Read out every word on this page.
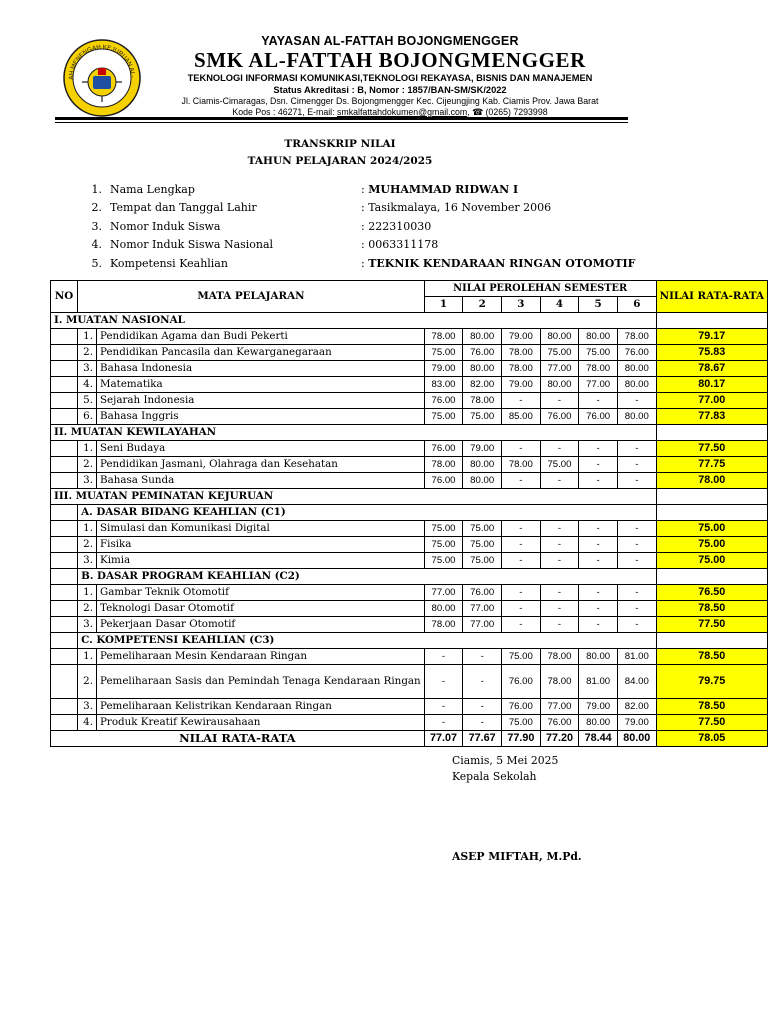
AH MENENGAH KEJURUAN AL-
YAYASAN AL-FATTAH BOJONGMENGGER
SMK AL-FATTAH BOJONGMENGGER
TEKNOLOGI INFORMASI KOMUNIKASI,TEKNOLOGI REKAYASA, BISNIS DAN MANAJEMEN
Status Akreditasi : B, Nomor : 1857/BAN-SM/SK/2022
Jl. Ciamis-Cimaragas, Dsn. Cimengger Ds. Bojongmengger Kec. Cijeungjing Kab. Ciamis Prov. Jawa Barat
Kode Pos : 46271, E-mail: smkalfattahdokumen@gmail.com, ☎ (0265) 7293998
TRANSKRIP NILAI
TAHUN PELAJARAN 2024/2025
1. Nama Lengkap	: MUHAMMAD RIDWAN I
2. Tempat dan Tanggal Lahir	: Tasikmalaya, 16 November 2006
3. Nomor Induk Siswa	: 222310030
4. Nomor Induk Siswa Nasional	: 0063311178
5. Kompetensi Keahlian	: TEKNIK KENDARAAN RINGAN OTOMOTIF
NO	MATA PELAJARAN		NILAI PEROLEHAN SEMESTER						NILAI RATA-RATA
			1	2	3	4	5	6	
I. MUATAN NASIONAL									
	1.	Pendidikan Agama dan Budi Pekerti	78.00	80.00	79.00	80.00	80.00	78.00	79.17
	2.	Pendidikan Pancasila dan Kewarganegaraan	75.00	76.00	78.00	75.00	75.00	76.00	75.83
	3.	Bahasa Indonesia	79.00	80.00	78.00	77.00	78.00	80.00	78.67
	4.	Matematika	83.00	82.00	79.00	80.00	77.00	80.00	80.17
	5.	Sejarah Indonesia	76.00	78.00	-	-	-	-	77.00
	6.	Bahasa Inggris	75.00	75.00	85.00	76.00	76.00	80.00	77.83
II. MUATAN KEWILAYAHAN									
	1.	Seni Budaya	76.00	79.00	-	-	-	-	77.50
	2.	Pendidikan Jasmani, Olahraga dan Kesehatan	78.00	80.00	78.00	75.00	-	-	77.75
	3.	Bahasa Sunda	76.00	80.00	-	-	-	-	78.00
III. MUATAN PEMINATAN KEJURUAN									
	A. DASAR BIDANG KEAHLIAN (C1)								
	1.	Simulasi dan Komunikasi Digital	75.00	75.00	-	-	-	-	75.00
	2.	Fisika	75.00	75.00	-	-	-	-	75.00
	3.	Kimia	75.00	75.00	-	-	-	-	75.00
	B. DASAR PROGRAM KEAHLIAN (C2)								
	1.	Gambar Teknik Otomotif	77.00	76.00	-	-	-	-	76.50
	2.	Teknologi Dasar Otomotif	80.00	77.00	-	-	-	-	78.50
	3.	Pekerjaan Dasar Otomotif	78.00	77.00	-	-	-	-	77.50
	C. KOMPETENSI KEAHLIAN (C3)								
	1.	Pemeliharaan Mesin Kendaraan Ringan	-	-	75.00	78.00	80.00	81.00	78.50
	2.	Pemeliharaan Sasis dan Pemindah Tenaga Kendaraan Ringan	-	-	76.00	78.00	81.00	84.00	79.75
	3.	Pemeliharaan Kelistrikan Kendaraan Ringan	-	-	76.00	77.00	79.00	82.00	78.50
	4.	Produk Kreatif Kewirausahaan	-	-	75.00	76.00	80.00	79.00	77.50
NILAI RATA-RATA			77.07	77.67	77.90	77.20	78.44	80.00	78.05
Ciamis, 5 Mei 2025
Kepala Sekolah
ASEP MIFTAH, M.Pd.
